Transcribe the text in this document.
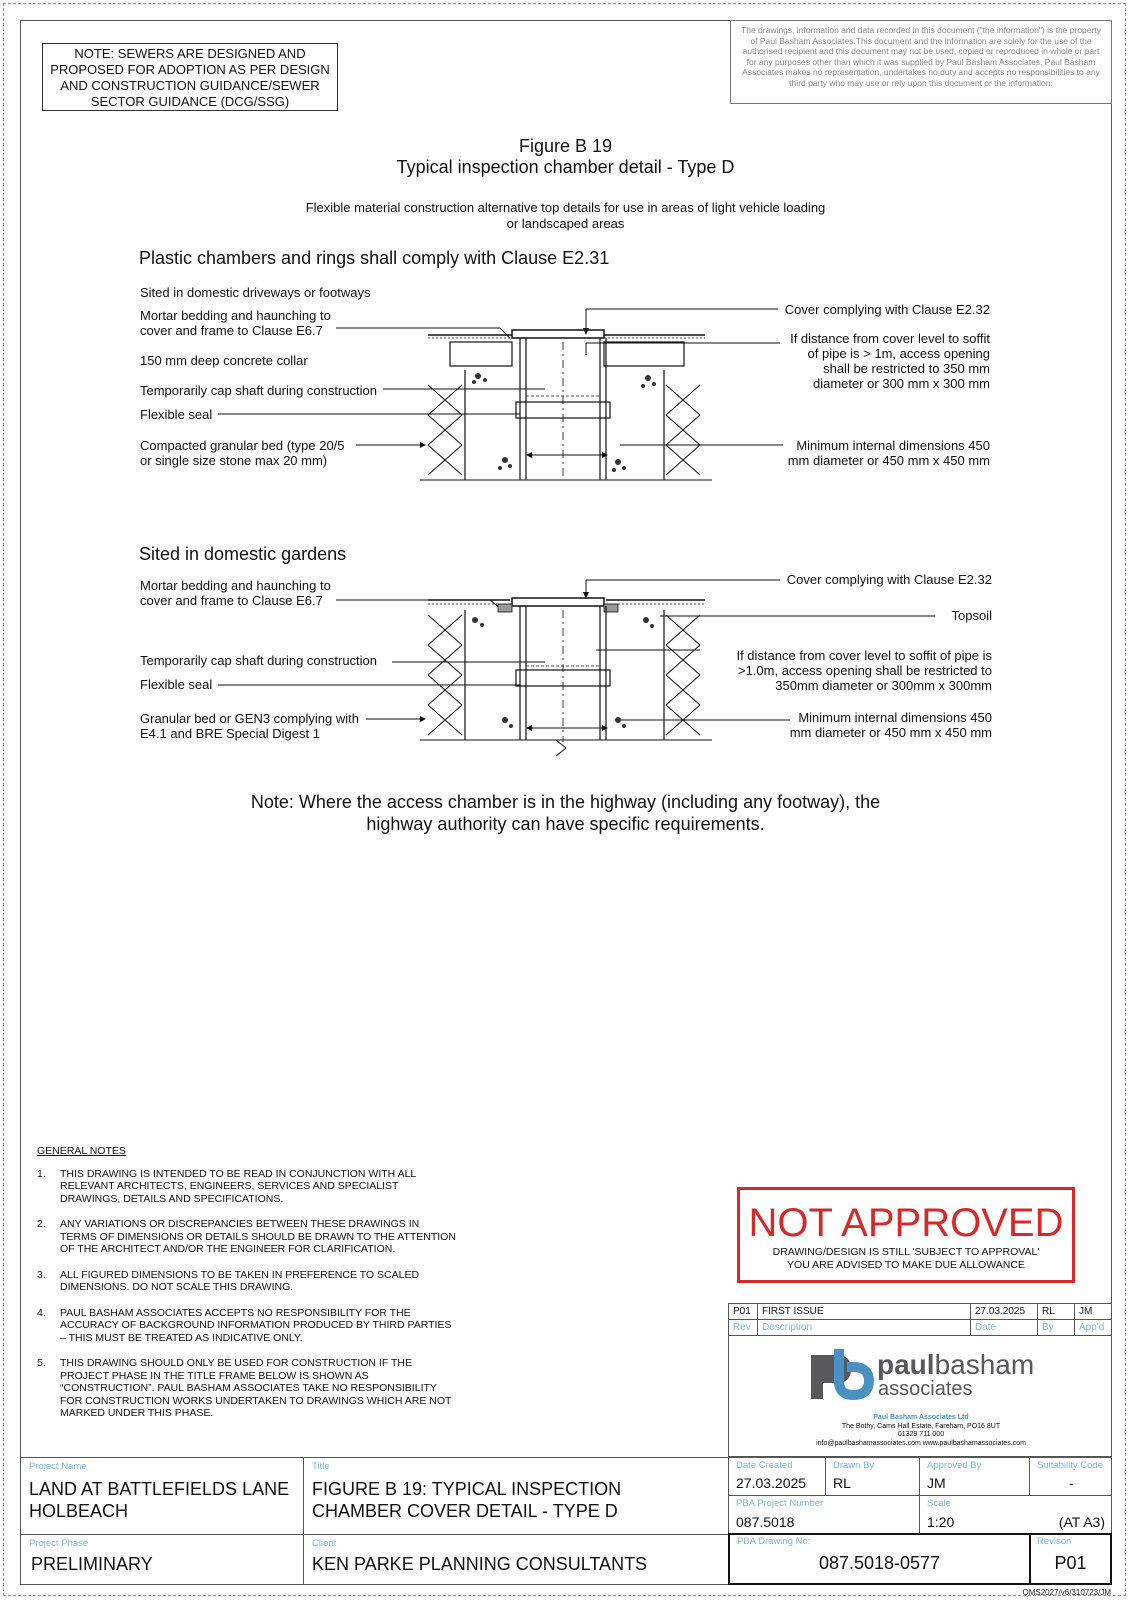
NOTE: SEWERS ARE DESIGNED AND
PROPOSED FOR ADOPTION AS PER DESIGN
AND CONSTRUCTION GUIDANCE/SEWER
SECTOR GUIDANCE (DCG/SSG)
The drawings, information and data recorded in this document ("the information") is the property of Paul Basham Associates.This document and the information are solely for the use of the authorised recipient and this document may not be used, copied or reproduced in whole or part for any purposes other than which it was supplied by Paul Basham Associates. Paul Basham Associates makes no representation, undertakes no duty and accepts no responsibilities to any third party who may use or rely upon this document or the information.
Figure B 19
Typical inspection chamber detail - Type D
Flexible material construction alternative top details for use in areas of light vehicle loading
or landscaped areas
Plastic chambers and rings shall comply with Clause E2.31
Sited in domestic driveways or footways
Mortar bedding and haunching to
cover and frame to Clause E6.7
150 mm deep concrete collar
Temporarily cap shaft during construction
Flexible seal
Compacted granular bed (type 20/5
or single size stone max 20 mm)
Cover complying with Clause E2.32
If distance from cover level to soffit
of pipe is > 1m, access opening
shall be restricted to 350 mm
diameter or 300 mm x 300 mm
Minimum internal dimensions 450
mm diameter or 450 mm x 450 mm
Sited in domestic gardens
Mortar bedding and haunching to
cover and frame to Clause E6.7
Temporarily cap shaft during construction
Flexible seal
Granular bed or GEN3 complying with
E4.1 and BRE Special Digest 1
Cover complying with Clause E2.32
Topsoil
If distance from cover level to soffit of pipe is
>1.0m, access opening shall be restricted to
350mm diameter or 300mm x 300mm
Minimum internal dimensions 450
mm diameter or 450 mm x 450 mm
Note: Where the access chamber is in the highway (including any footway), the
highway authority can have specific requirements.
GENERAL NOTES
1.	THIS DRAWING IS INTENDED TO BE READ IN CONJUNCTION WITH ALL RELEVANT ARCHITECTS, ENGINEERS, SERVICES AND SPECIALIST DRAWINGS, DETAILS AND SPECIFICATIONS.
2.	ANY VARIATIONS OR DISCREPANCIES BETWEEN THESE DRAWINGS IN TERMS OF DIMENSIONS OR DETAILS SHOULD BE DRAWN TO THE ATTENTION OF THE ARCHITECT AND/OR THE ENGINEER FOR CLARIFICATION.
3.	ALL FIGURED DIMENSIONS TO BE TAKEN IN PREFERENCE TO SCALED DIMENSIONS. DO NOT SCALE THIS DRAWING.
4.	PAUL BASHAM ASSOCIATES ACCEPTS NO RESPONSIBILITY FOR THE ACCURACY OF BACKGROUND INFORMATION PRODUCED BY THIRD PARTIES – THIS MUST BE TREATED AS INDICATIVE ONLY.
5.	THIS DRAWING SHOULD ONLY BE USED FOR CONSTRUCTION IF THE PROJECT PHASE IN THE TITLE FRAME BELOW IS SHOWN AS “CONSTRUCTION”. PAUL BASHAM ASSOCIATES TAKE NO RESPONSIBILITY FOR CONSTRUCTION WORKS UNDERTAKEN TO DRAWINGS WHICH ARE NOT MARKED UNDER THIS PHASE.
NOT APPROVED
DRAWING/DESIGN IS STILL 'SUBJECT TO APPROVAL'
YOU ARE ADVISED TO MAKE DUE ALLOWANCE
P01	FIRST ISSUE	27.03.2025	RL	JM
Rev	Description	Date	By	App'd
paulbasham
associates
Paul Basham Associates Ltd
The Bothy, Cams Hall Estate, Fareham, PO16 8UT
01329 711 000
info@paulbashamassociates.com www.paulbashamassociates.com
Project Name
LAND AT BATTLEFIELDS LANE
HOLBEACH
Title
FIGURE B 19: TYPICAL INSPECTION
CHAMBER COVER DETAIL - TYPE D
Project Phase
PRELIMINARY
Client
KEN PARKE PLANNING CONSULTANTS
Date Created
27.03.2025
Drawn By
RL
Approved By
JM
Suitability Code
-
PBA Project Number
087.5018
Scale
1:20	(AT A3)
PBA Drawing No:
087.5018-0577
Revison
P01
QMS2027/v6/310723/JM
